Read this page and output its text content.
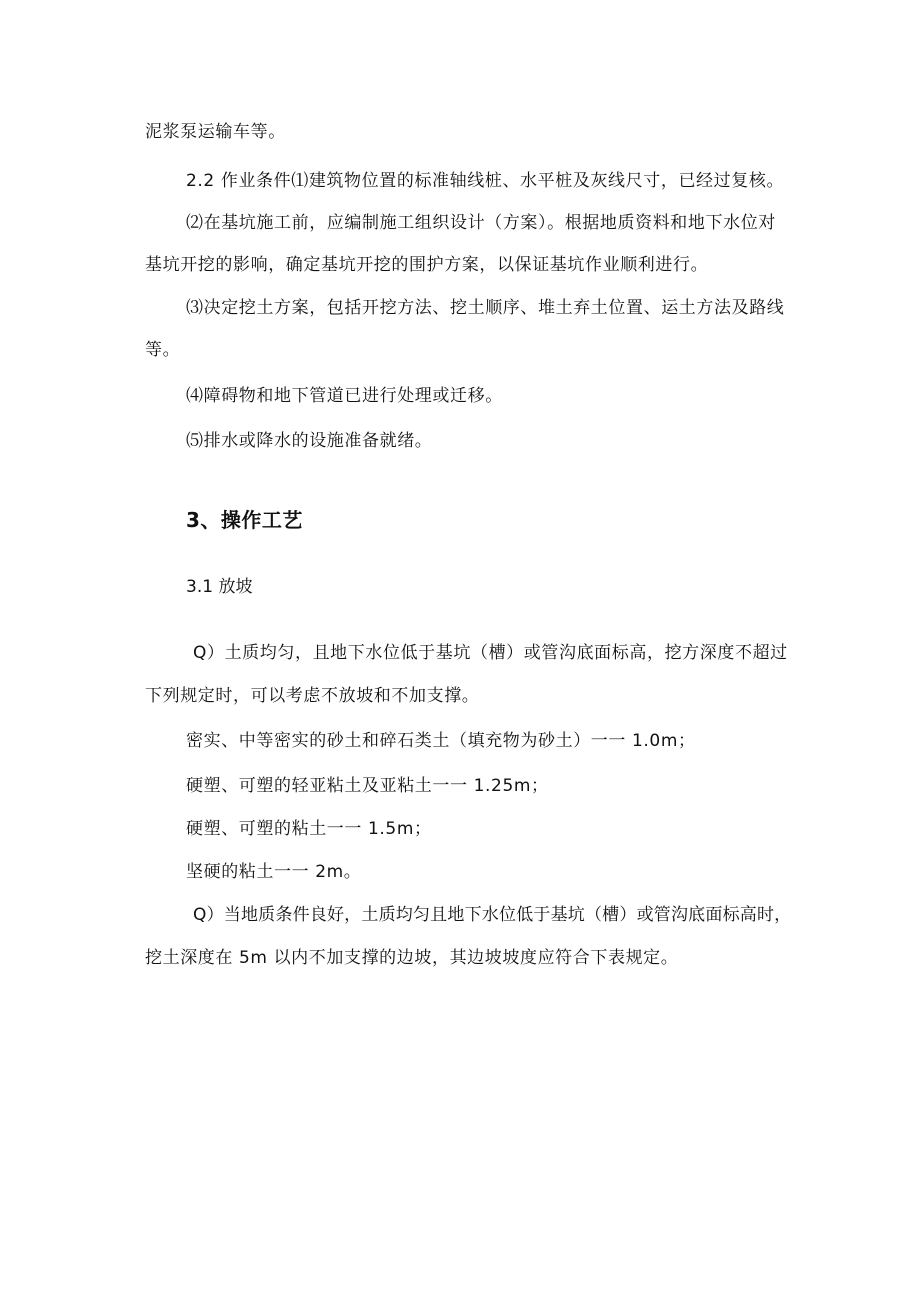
泥浆泵运输车等。
2.2 作业条件⑴建筑物位置的标准轴线桩、水平桩及灰线尺寸，已经过复核。
⑵在基坑施工前，应编制施工组织设计（方案）。根据地质资料和地下水位对
基坑开挖的影响，确定基坑开挖的围护方案，以保证基坑作业顺利进行。
⑶决定挖土方案，包括开挖方法、挖土顺序、堆土弃土位置、运土方法及路线
等。
⑷障碍物和地下管道已进行处理或迁移。
⑸排水或降水的设施准备就绪。
3、操作工艺
3.1 放坡
Q）土质均匀，且地下水位低于基坑（槽）或管沟底面标高，挖方深度不超过
下列规定时，可以考虑不放坡和不加支撑。
密实、中等密实的砂土和碎石类土（填充物为砂土）一一 1.0m；
硬塑、可塑的轻亚粘土及亚粘土一一 1.25m；
硬塑、可塑的粘土一一 1.5m；
坚硬的粘土一一 2m。
Q）当地质条件良好，土质均匀且地下水位低于基坑（槽）或管沟底面标高时，
挖土深度在 5m 以内不加支撑的边坡，其边坡坡度应符合下表规定。
